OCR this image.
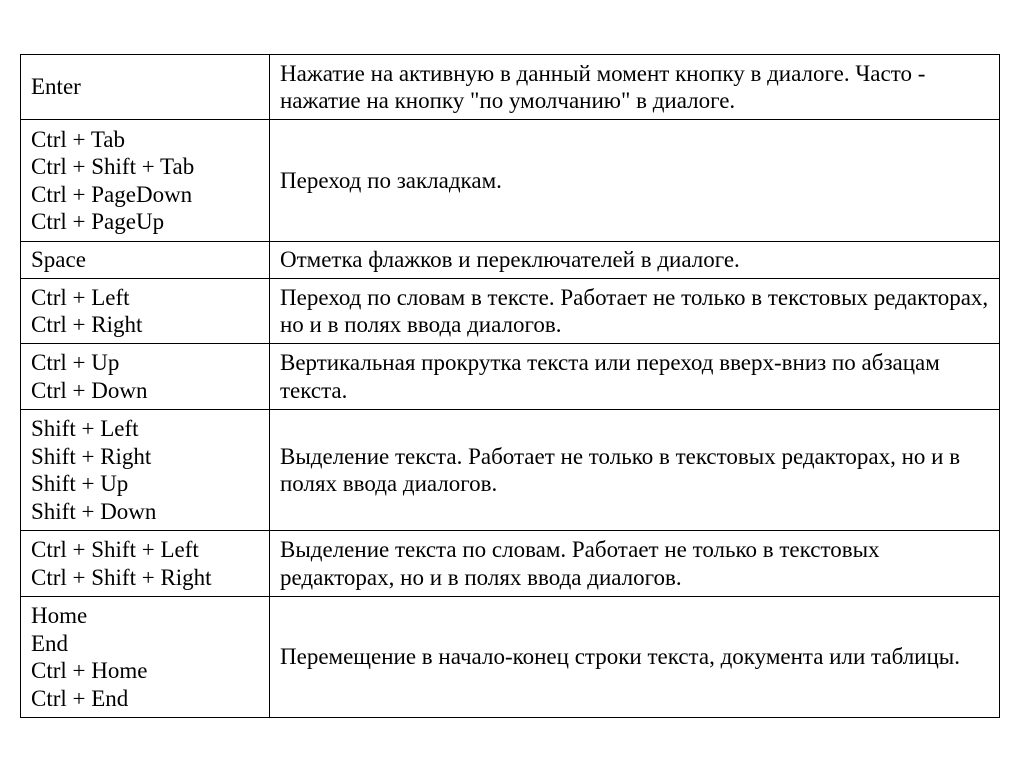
Enter	Нажатие на активную в данный момент кнопку в диалоге. Часто - нажатие на кнопку "по умолчанию" в диалоге.

Ctrl + Tab
Ctrl + Shift + Tab
Ctrl + PageDown
Ctrl + PageUp	Переход по закладкам.

Space	Отметка флажков и переключателей в диалоге.

Ctrl + Left
Ctrl + Right	Переход по словам в тексте. Работает не только в текстовых редакторах, но и в полях ввода диалогов.

Ctrl + Up
Ctrl + Down	Вертикальная прокрутка текста или переход вверх-вниз по абзацам текста.

Shift + Left
Shift + Right
Shift + Up
Shift + Down	Выделение текста. Работает не только в текстовых редакторах, но и в полях ввода диалогов.

Ctrl + Shift + Left
Ctrl + Shift + Right	Выделение текста по словам. Работает не только в текстовых редакторах, но и в полях ввода диалогов.

Home
End
Ctrl + Home
Ctrl + End	Перемещение в начало-конец строки текста, документа или таблицы.
